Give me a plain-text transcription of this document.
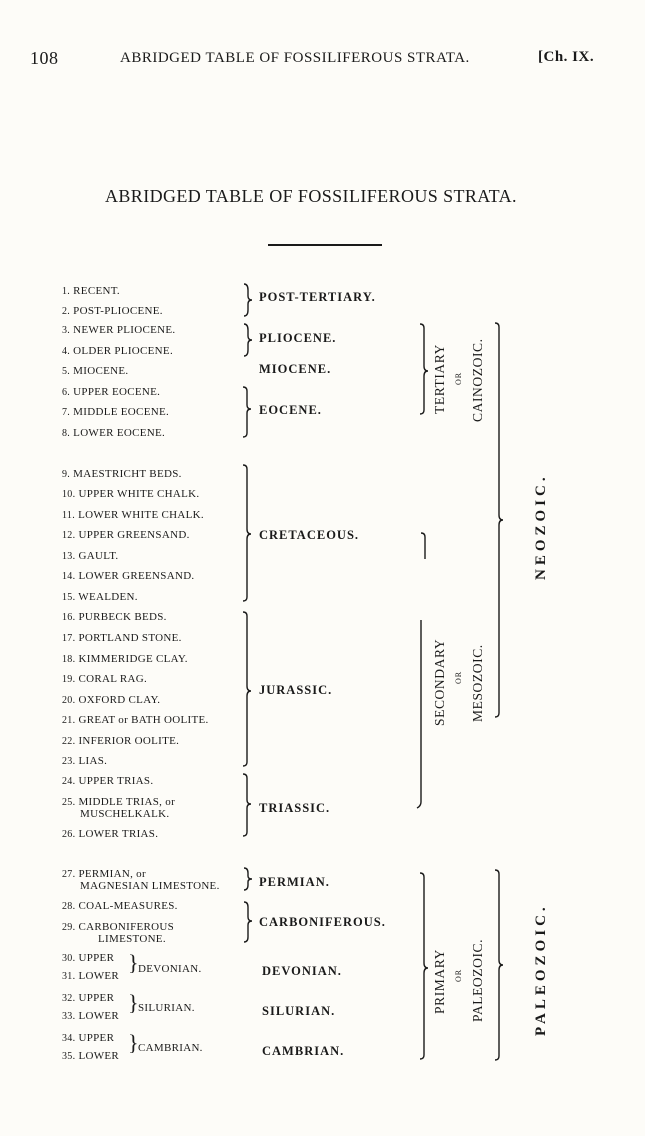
108	ABRIDGED TABLE OF FOSSILIFEROUS STRATA.	[Ch. IX.
ABRIDGED TABLE OF FOSSILIFEROUS STRATA.
1. RECENT.
2. POST-PLIOCENE.
3. NEWER PLIOCENE.
4. OLDER PLIOCENE.
5. MIOCENE.
6. UPPER EOCENE.
7. MIDDLE EOCENE.
8. LOWER EOCENE.
9. MAESTRICHT BEDS.
10. UPPER WHITE CHALK.
11. LOWER WHITE CHALK.
12. UPPER GREENSAND.
13. GAULT.
14. LOWER GREENSAND.
15. WEALDEN.
16. PURBECK BEDS.
17. PORTLAND STONE.
18. KIMMERIDGE CLAY.
19. CORAL RAG.
20. OXFORD CLAY.
21. GREAT or BATH OOLITE.
22. INFERIOR OOLITE.
23. LIAS.
24. UPPER TRIAS.
25. MIDDLE TRIAS, or
MUSCHELKALK.
26. LOWER TRIAS.
27. PERMIAN, or
MAGNESIAN LIMESTONE.
28. COAL-MEASURES.
29. CARBONIFEROUS
LIMESTONE.
30. UPPER
31. LOWER
} DEVONIAN.
32. UPPER
33. LOWER
} SILURIAN.
34. UPPER
35. LOWER
} CAMBRIAN.
POST-TERTIARY.
PLIOCENE.
MIOCENE.
EOCENE.
CRETACEOUS.
JURASSIC.
TRIASSIC.
PERMIAN.
CARBONIFEROUS.
DEVONIAN.
SILURIAN.
CAMBRIAN.
TERTIARY OR CAINOZOIC.
SECONDARY OR MESOZOIC.
PRIMARY OR PALEOZOIC.
NEOZOIC.
PALEOZOIC.
